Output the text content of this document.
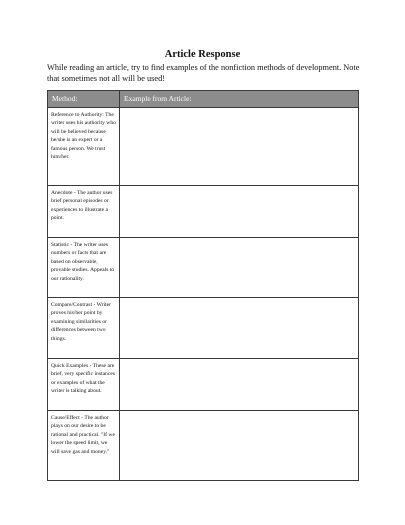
Article Response

While reading an article, try to find examples of the nonfiction methods of development. Note that sometimes not all will be used!

Method:	Example from Article:
Reference to Authority: The writer uses his authority who will be believed because he/she is an expert or a famous person. We trust him/her.	
Anecdote - The author uses brief personal episodes or experiences to illustrate a point.	
Statistic - The writer uses numbers or facts that are based on observable, provable studies. Appeals to our rationality.	
Compare/Contrast - Writer proves his/her point by examining similarities or differences between two things.	
Quick Examples - These are brief, very specific instances or examples of what the writer is talking about.	
Cause/Effect - The author plays on our desire to be rational and practical. "If we lower the speed limit, we will save gas and money."	
